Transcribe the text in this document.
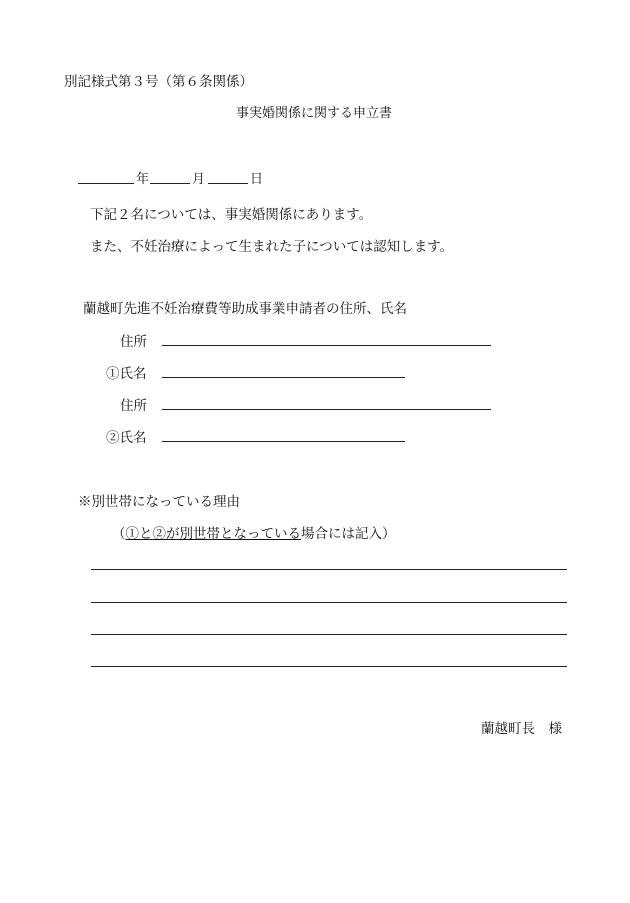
別記様式第３号（第６条関係）
事実婚関係に関する申立書
年	月	日
下記２名については、事実婚関係にあります。
また、不妊治療によって生まれた子については認知します。
蘭越町先進不妊治療費等助成事業申請者の住所、氏名
住所
①氏名
住所
②氏名
※別世帯になっている理由
（①と②が別世帯となっている場合には記入）
蘭越町長　様
